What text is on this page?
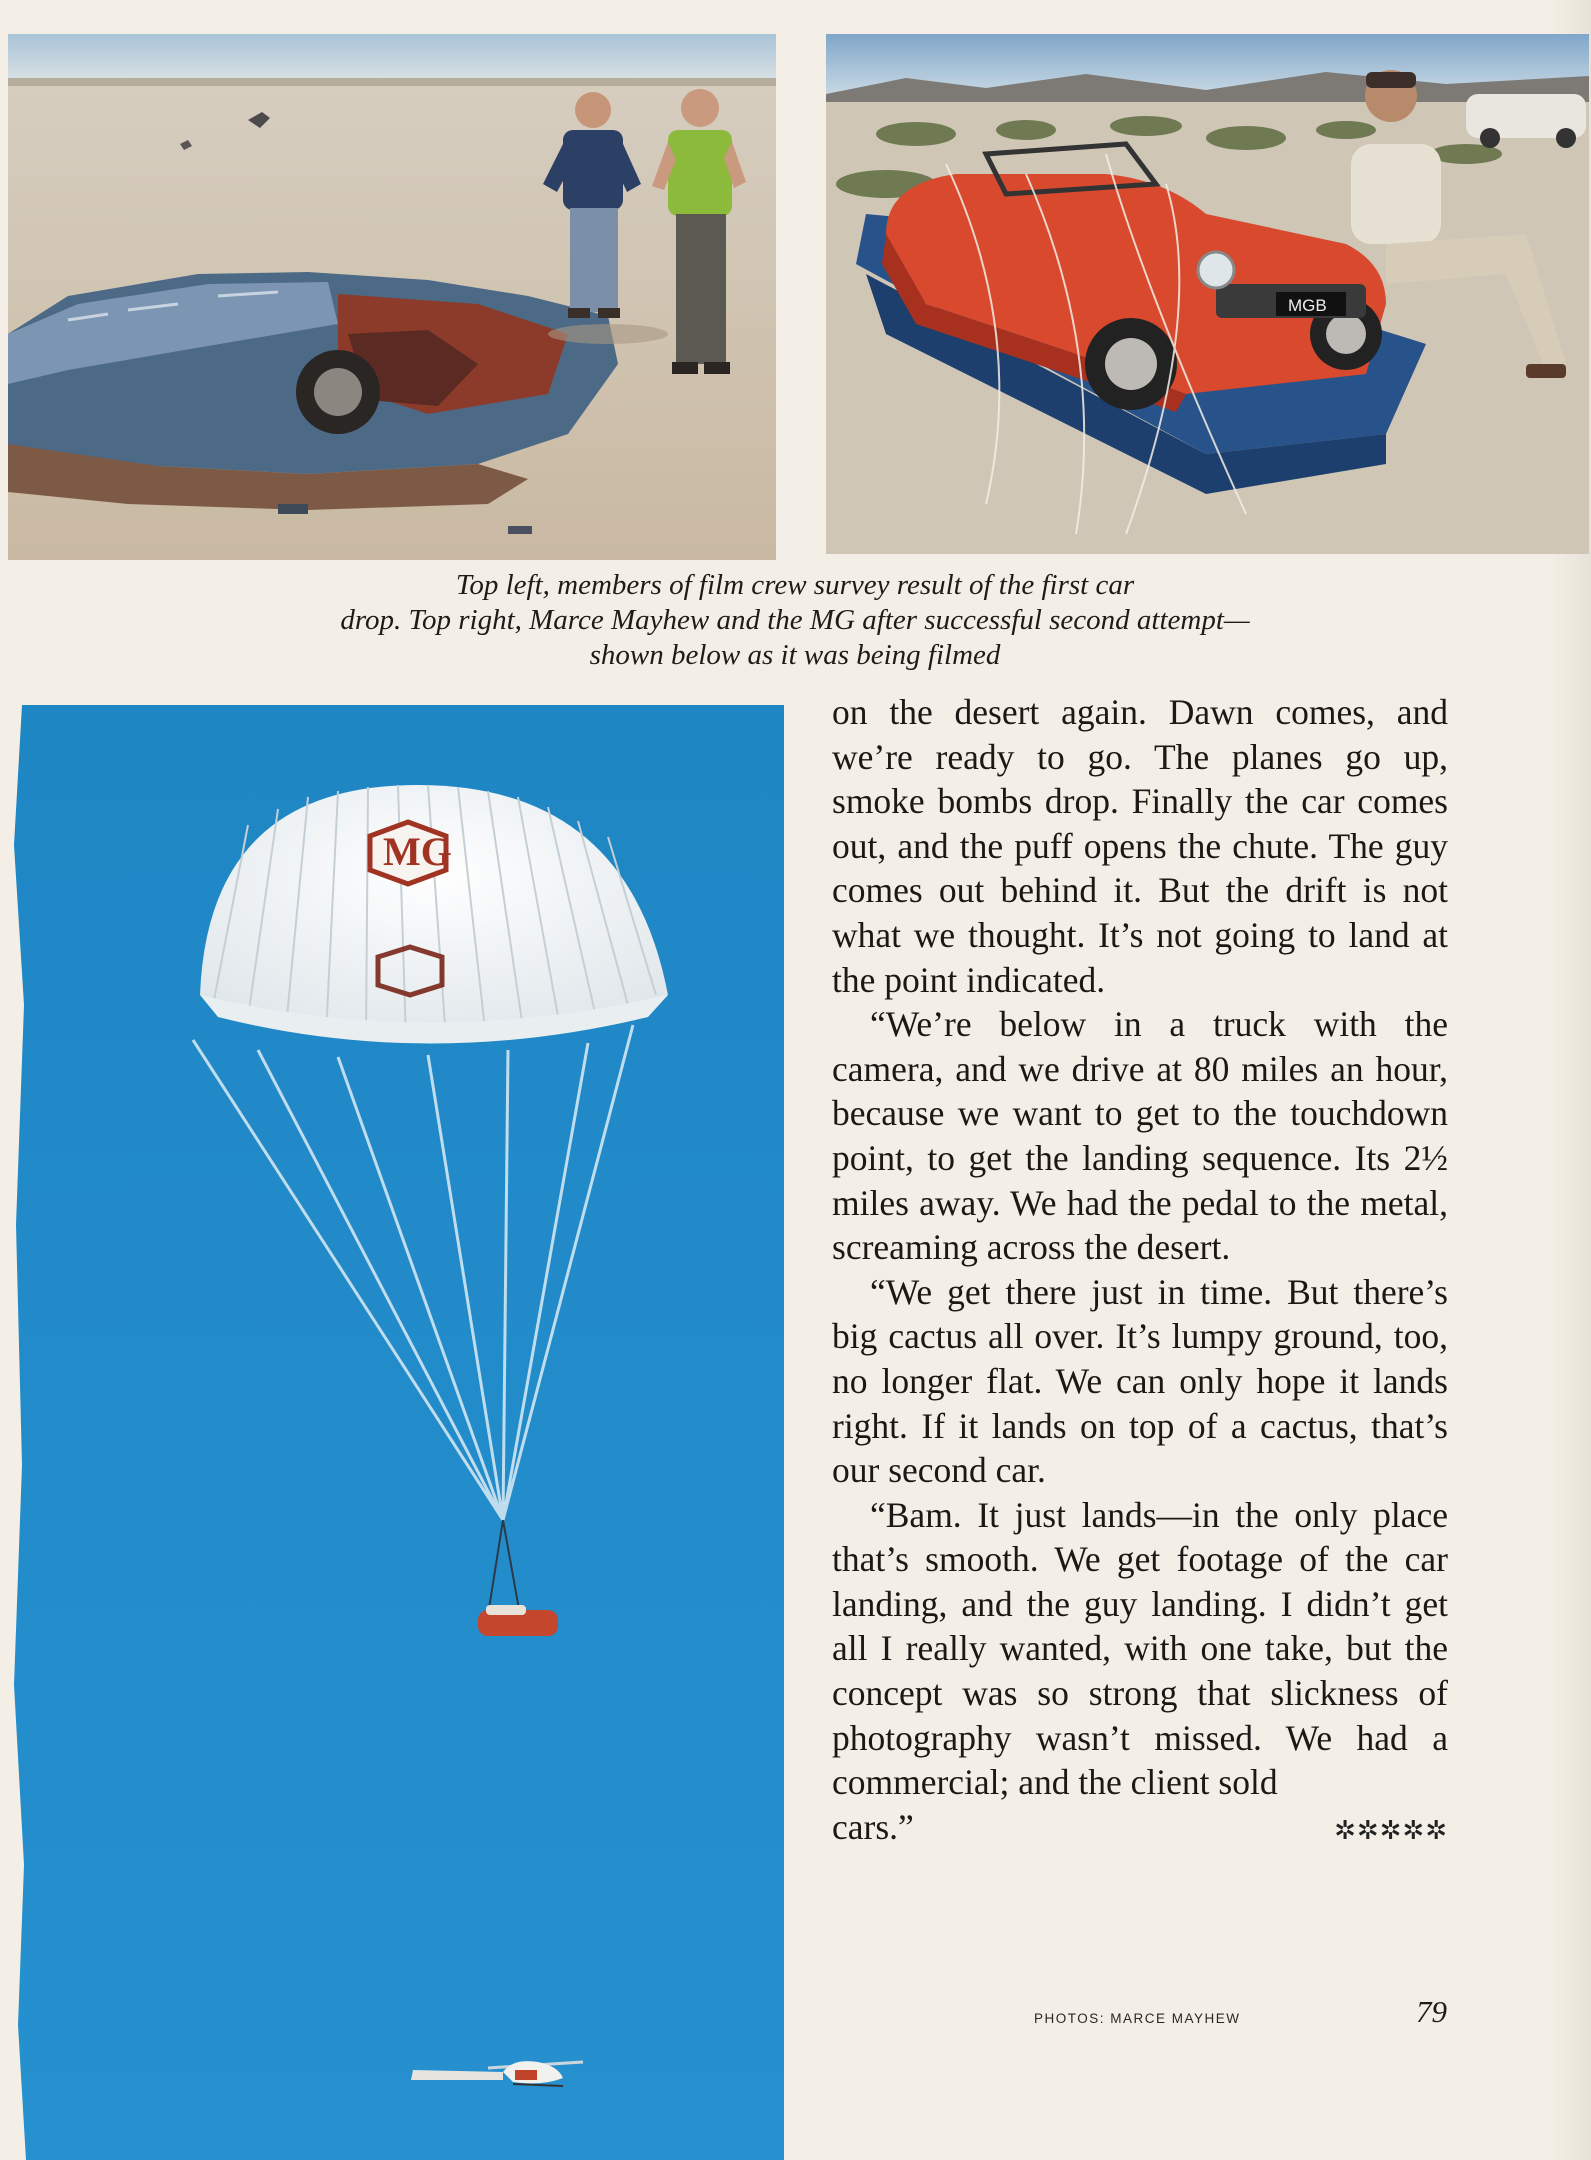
MGB
Top left, members of film crew survey result of the first car
drop. Top right, Marce Mayhew and the MG after successful second attempt—
shown below as it was being filmed
MG

on the desert again. Dawn comes, and we’re ready to go. The planes go up, smoke bombs drop. Finally the car comes out, and the puff opens the chute. The guy comes out behind it. But the drift is not what we thought. It’s not going to land at the point indicated.

“We’re below in a truck with the camera, and we drive at 80 miles an hour, because we want to get to the touchdown point, to get the landing sequence. Its 2½ miles away. We had the pedal to the metal, screaming across the desert.

“We get there just in time. But there’s big cactus all over. It’s lumpy ground, too, no longer flat. We can only hope it lands right. If it lands on top of a cactus, that’s our second car.

“Bam. It just lands—in the only place that’s smooth. We get footage of the car landing, and the guy landing. I didn’t get all I really wanted, with one take, but the concept was so strong that slickness of photography wasn’t missed. We had a commercial; and the client sold

cars.”	✲✲✲✲✲
PHOTOS: MARCE MAYHEW	79
